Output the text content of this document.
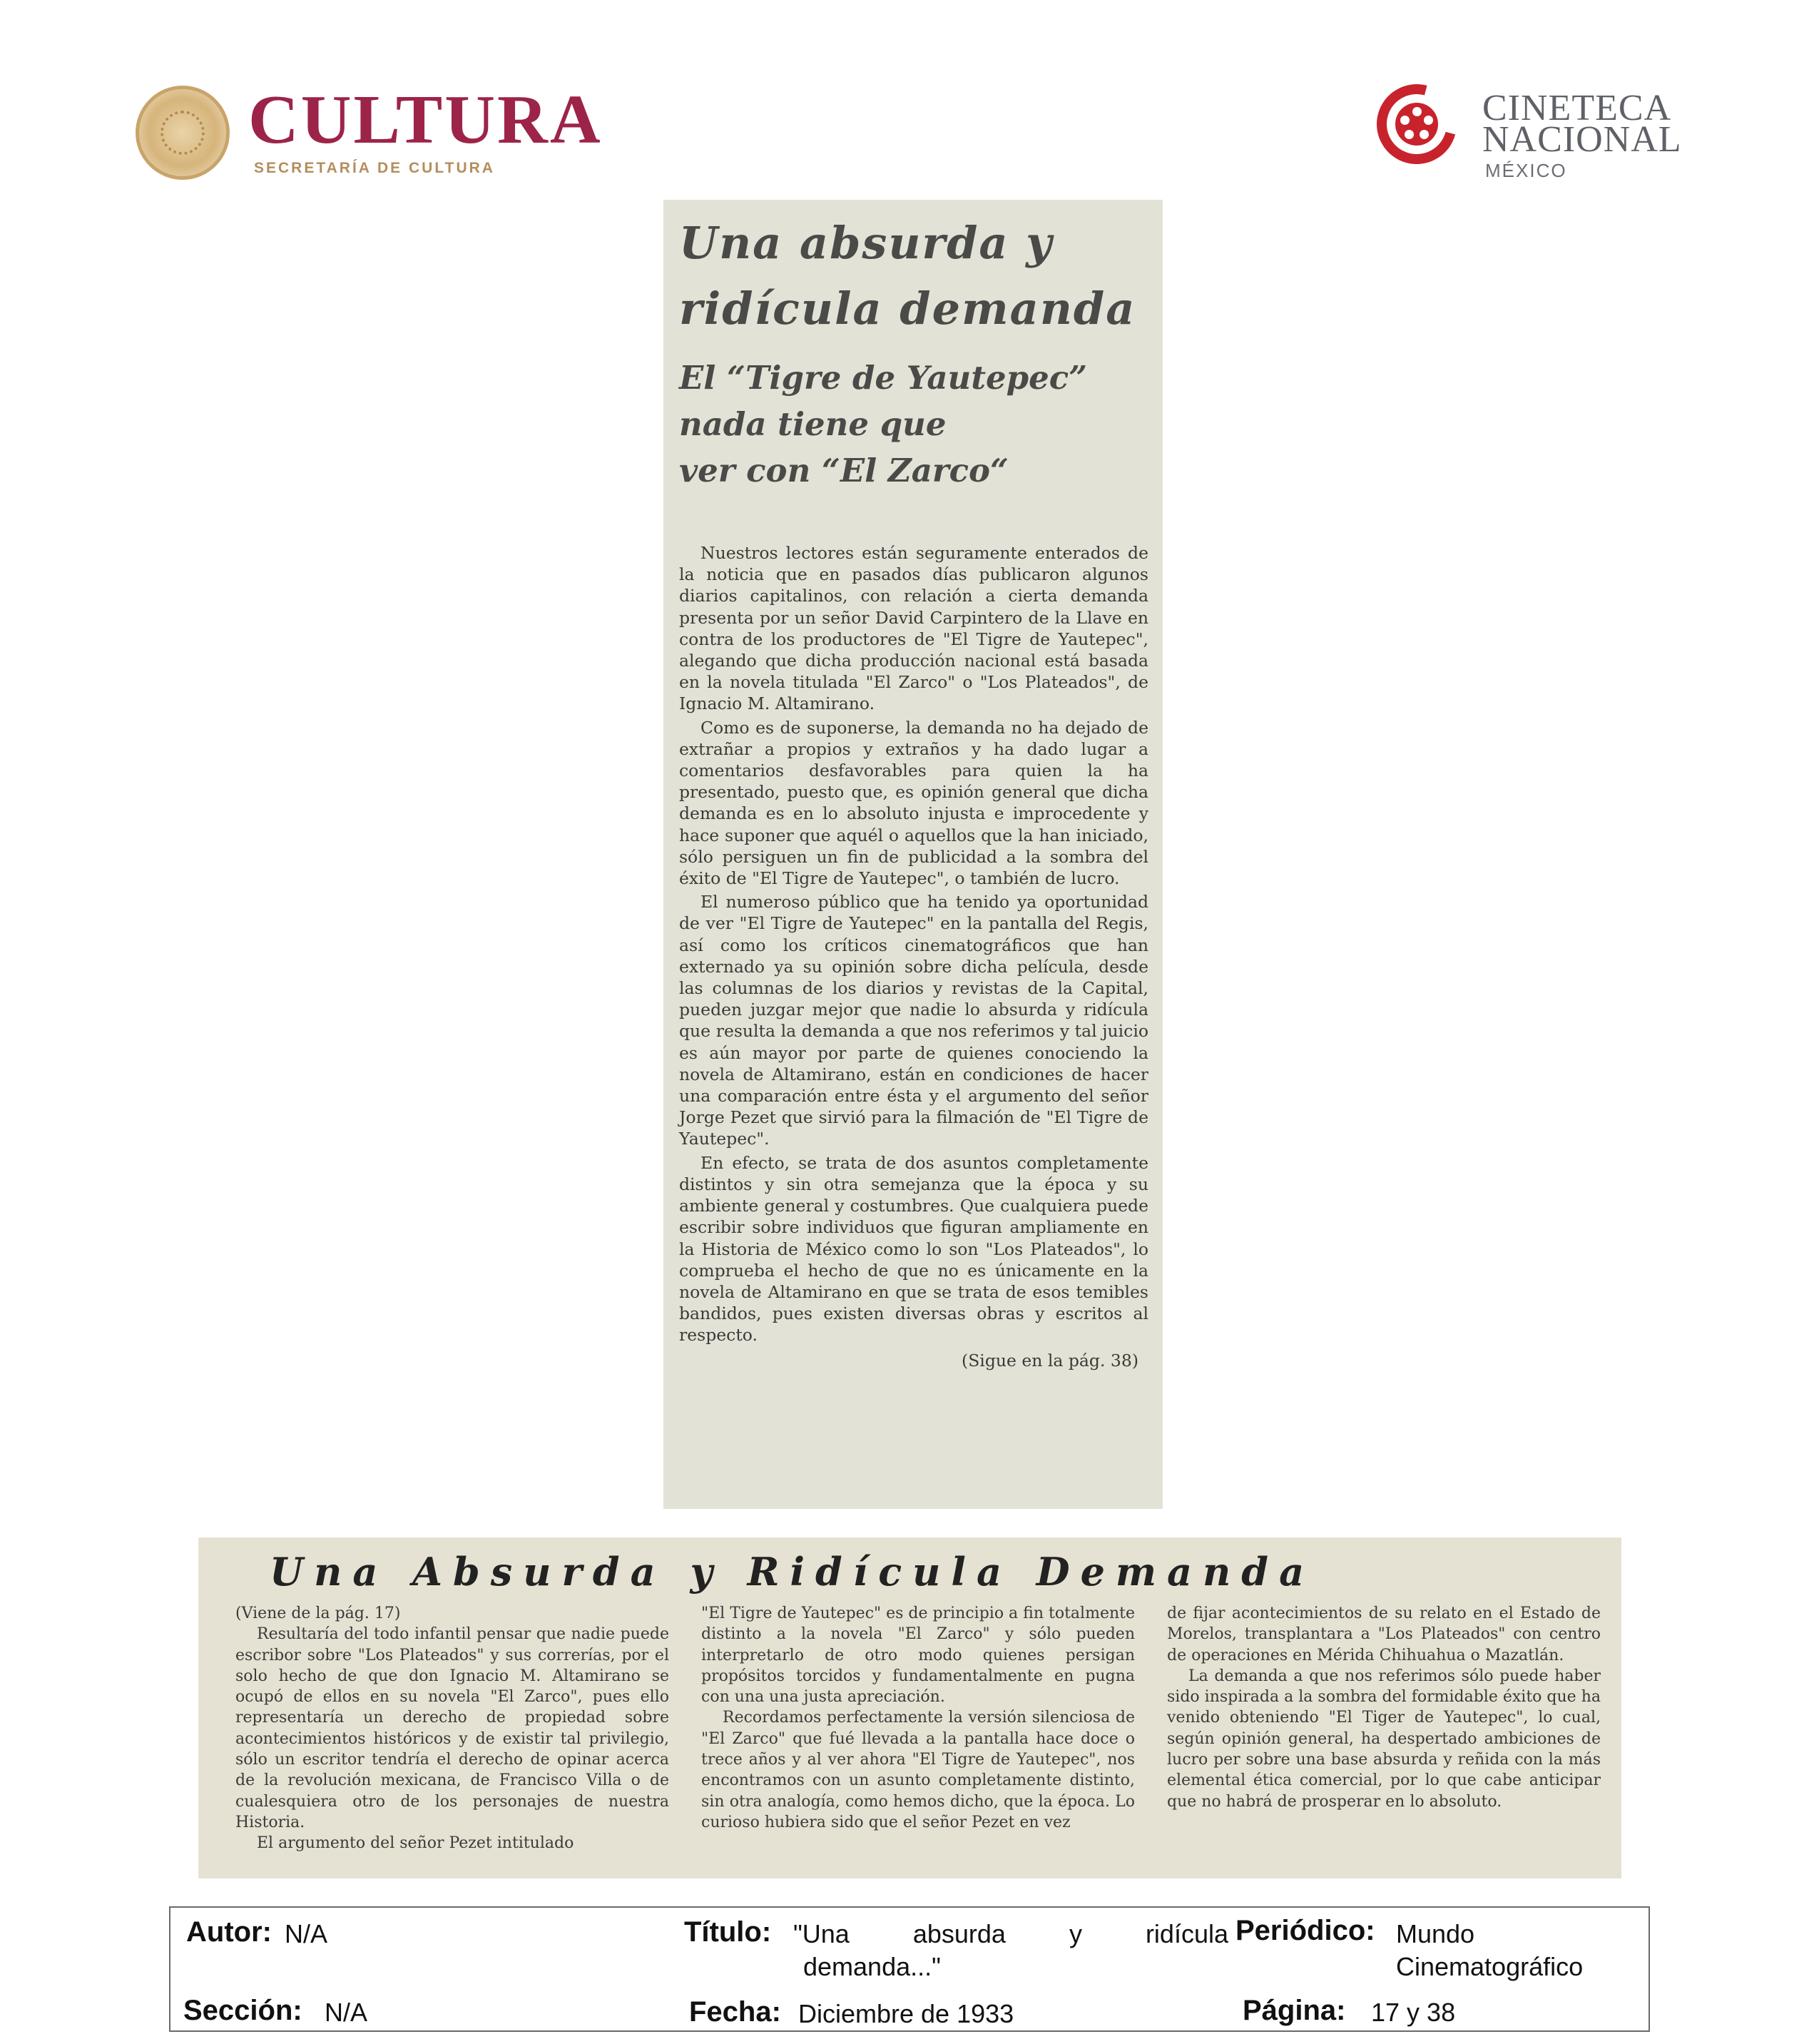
CULTURA
SECRETARÍA DE CULTURA
CINETECA
NACIONAL
MÉXICO
Una absurda y
ridícula demanda
El “Tigre de Yautepec”
nada tiene que
ver con “El Zarco“

Nuestros lectores están seguramente enterados de la noticia que en pasados días publicaron algunos diarios capitalinos, con relación a cierta demanda presenta por un señor David Carpintero de la Llave en contra de los productores de "El Tigre de Yautepec", alegando que dicha producción nacional está basada en la novela titulada "El Zarco" o "Los Plateados", de Ignacio M. Altamirano.

Como es de suponerse, la demanda no ha dejado de extrañar a propios y extraños y ha dado lugar a comentarios desfavorables para quien la ha presentado, puesto que, es opinión general que dicha demanda es en lo absoluto injusta e improcedente y hace suponer que aquél o aquellos que la han iniciado, sólo persiguen un fin de publicidad a la sombra del éxito de "El Tigre de Yautepec", o también de lucro.

El numeroso público que ha tenido ya oportunidad de ver "El Tigre de Yautepec" en la pantalla del Regis, así como los críticos cinematográficos que han externado ya su opinión sobre dicha película, desde las columnas de los diarios y revistas de la Capital, pueden juzgar mejor que nadie lo absurda y ridícula que resulta la demanda a que nos referimos y tal juicio es aún mayor por parte de quienes conociendo la novela de Altamirano, están en condiciones de hacer una comparación entre ésta y el argumento del señor Jorge Pezet que sirvió para la filmación de "El Tigre de Yautepec".

En efecto, se trata de dos asuntos completamente distintos y sin otra semejanza que la época y su ambiente general y costumbres. Que cualquiera puede escribir sobre individuos que figuran ampliamente en la Historia de México como lo son "Los Plateados", lo comprueba el hecho de que no es únicamente en la novela de Altamirano en que se trata de esos temibles bandidos, pues existen diversas obras y escritos al respecto.

(Sigue en la pág. 38)
Una Absurda y Ridícula Demanda

(Viene de la pág. 17)

Resultaría del todo infantil pensar que nadie puede escribor sobre "Los Plateados" y sus correrías, por el solo hecho de que don Ignacio M. Altamirano se ocupó de ellos en su novela "El Zarco", pues ello representaría un derecho de propiedad sobre acontecimientos históricos y de existir tal privilegio, sólo un escritor tendría el derecho de opinar acerca de la revolución mexicana, de Francisco Villa o de cualesquiera otro de los personajes de nuestra Historia.

El argumento del señor Pezet intitulado

"El Tigre de Yautepec" es de principio a fin totalmente distinto a la novela "El Zarco" y sólo pueden interpretarlo de otro modo quienes persigan propósitos torcidos y fundamentalmente en pugna con una una justa apreciación.

Recordamos perfectamente la versión silenciosa de "El Zarco" que fué llevada a la pantalla hace doce o trece años y al ver ahora "El Tigre de Yautepec", nos encontramos con un asunto completamente distinto, sin otra analogía, como hemos dicho, que la época. Lo curioso hubiera sido que el señor Pezet en vez

de fijar acontecimientos de su relato en el Estado de Morelos, transplantara a "Los Plateados" con centro de operaciones en Mérida Chihuahua o Mazatlán.

La demanda a que nos referimos sólo puede haber sido inspirada a la sombra del formidable éxito que ha venido obteniendo "El Tiger de Yautepec", lo cual, según opinión general, ha despertado ambiciones de lucro per sobre una base absurda y reñida con la más elemental ética comercial, por lo que cabe anticipar que no habrá de prosperar en lo absoluto.

Autor: N/A	Título: "Una absurda y ridícula
demanda..."
Periódico: Mundo
Cinematográfico
Sección: N/A	Fecha: Diciembre de 1933	Página: 17 y 38
